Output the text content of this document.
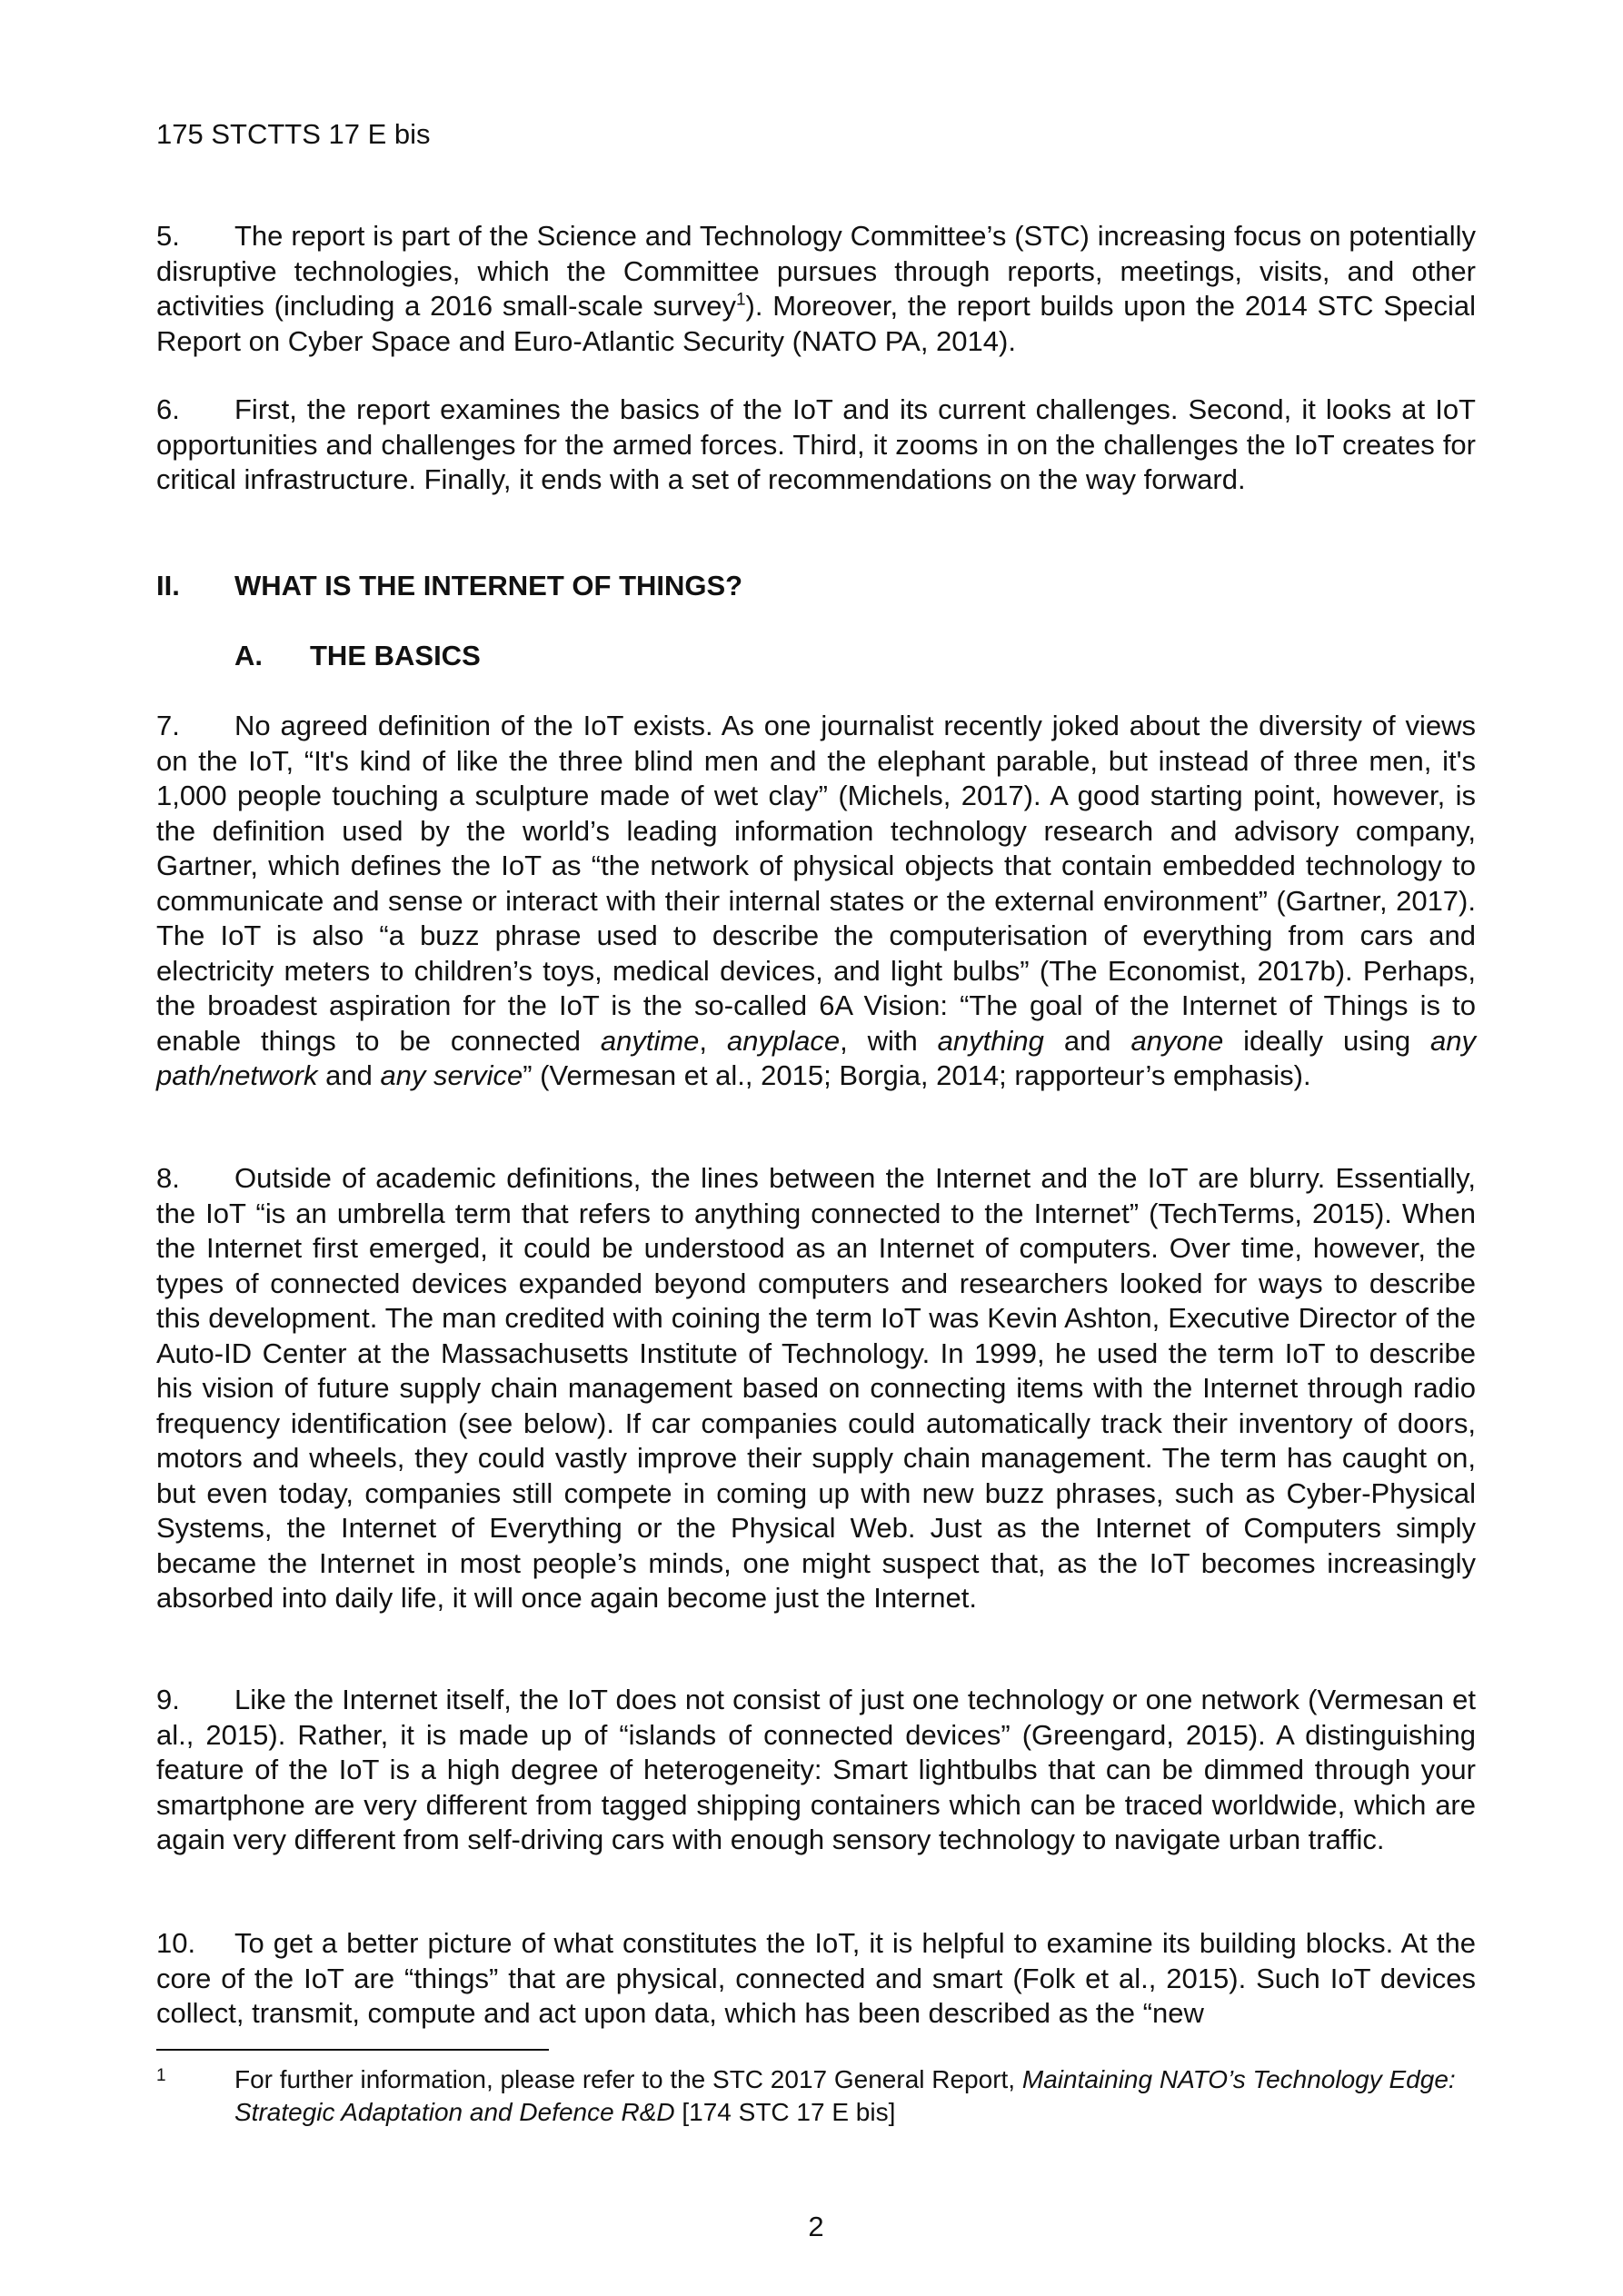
175 STCTTS 17 E bis

5. The report is part of the Science and Technology Committee’s (STC) increasing focus on potentially disruptive technologies, which the Committee pursues through reports, meetings, visits, and other activities (including a 2016 small-scale survey$^1$). Moreover, the report builds upon the 2014 STC Special Report on Cyber Space and Euro-Atlantic Security (NATO PA, 2014).

6. First, the report examines the basics of the IoT and its current challenges. Second, it looks at IoT opportunities and challenges for the armed forces. Third, it zooms in on the challenges the IoT creates for critical infrastructure. Finally, it ends with a set of recommendations on the way forward.

II. WHAT IS THE INTERNET OF THINGS?
A. THE BASICS

7. No agreed definition of the IoT exists. As one journalist recently joked about the diversity of views on the IoT, “It's kind of like the three blind men and the elephant parable, but instead of three men, it's 1,000 people touching a sculpture made of wet clay” (Michels, 2017). A good starting point, however, is the definition used by the world’s leading information technology research and advisory company, Gartner, which defines the IoT as “the network of physical objects that contain embedded technology to communicate and sense or interact with their internal states or the external environment” (Gartner, 2017). The IoT is also “a buzz phrase used to describe the computerisation of everything from cars and electricity meters to children’s toys, medical devices, and light bulbs” (The Economist, 2017b). Perhaps, the broadest aspiration for the IoT is the so-called 6A Vision: “The goal of the Internet of Things is to enable things to be connected anytime, anyplace, with anything and anyone ideally using any path/network and any service” (Vermesan et al., 2015; Borgia, 2014; rapporteur’s emphasis).

8. Outside of academic definitions, the lines between the Internet and the IoT are blurry. Essentially, the IoT “is an umbrella term that refers to anything connected to the Internet” (TechTerms, 2015). When the Internet first emerged, it could be understood as an Internet of computers. Over time, however, the types of connected devices expanded beyond computers and researchers looked for ways to describe this development. The man credited with coining the term IoT was Kevin Ashton, Executive Director of the Auto-ID Center at the Massachusetts Institute of Technology. In 1999, he used the term IoT to describe his vision of future supply chain management based on connecting items with the Internet through radio frequency identification (see below). If car companies could automatically track their inventory of doors, motors and wheels, they could vastly improve their supply chain management. The term has caught on, but even today, companies still compete in coming up with new buzz phrases, such as Cyber-Physical Systems, the Internet of Everything or the Physical Web. Just as the Internet of Computers simply became the Internet in most people’s minds, one might suspect that, as the IoT becomes increasingly absorbed into daily life, it will once again become just the Internet.

9. Like the Internet itself, the IoT does not consist of just one technology or one network (Vermesan et al., 2015). Rather, it is made up of “islands of connected devices” (Greengard, 2015). A distinguishing feature of the IoT is a high degree of heterogeneity: Smart lightbulbs that can be dimmed through your smartphone are very different from tagged shipping containers which can be traced worldwide, which are again very different from self-driving cars with enough sensory technology to navigate urban traffic.

10. To get a better picture of what constitutes the IoT, it is helpful to examine its building blocks. At the core of the IoT are “things” that are physical, connected and smart (Folk et al., 2015). Such IoT devices collect, transmit, compute and act upon data, which has been described as the “new

1	For further information, please refer to the STC 2017 General Report, Maintaining NATO’s Technology Edge: Strategic Adaptation and Defence R&D [174 STC 17 E bis]
2
